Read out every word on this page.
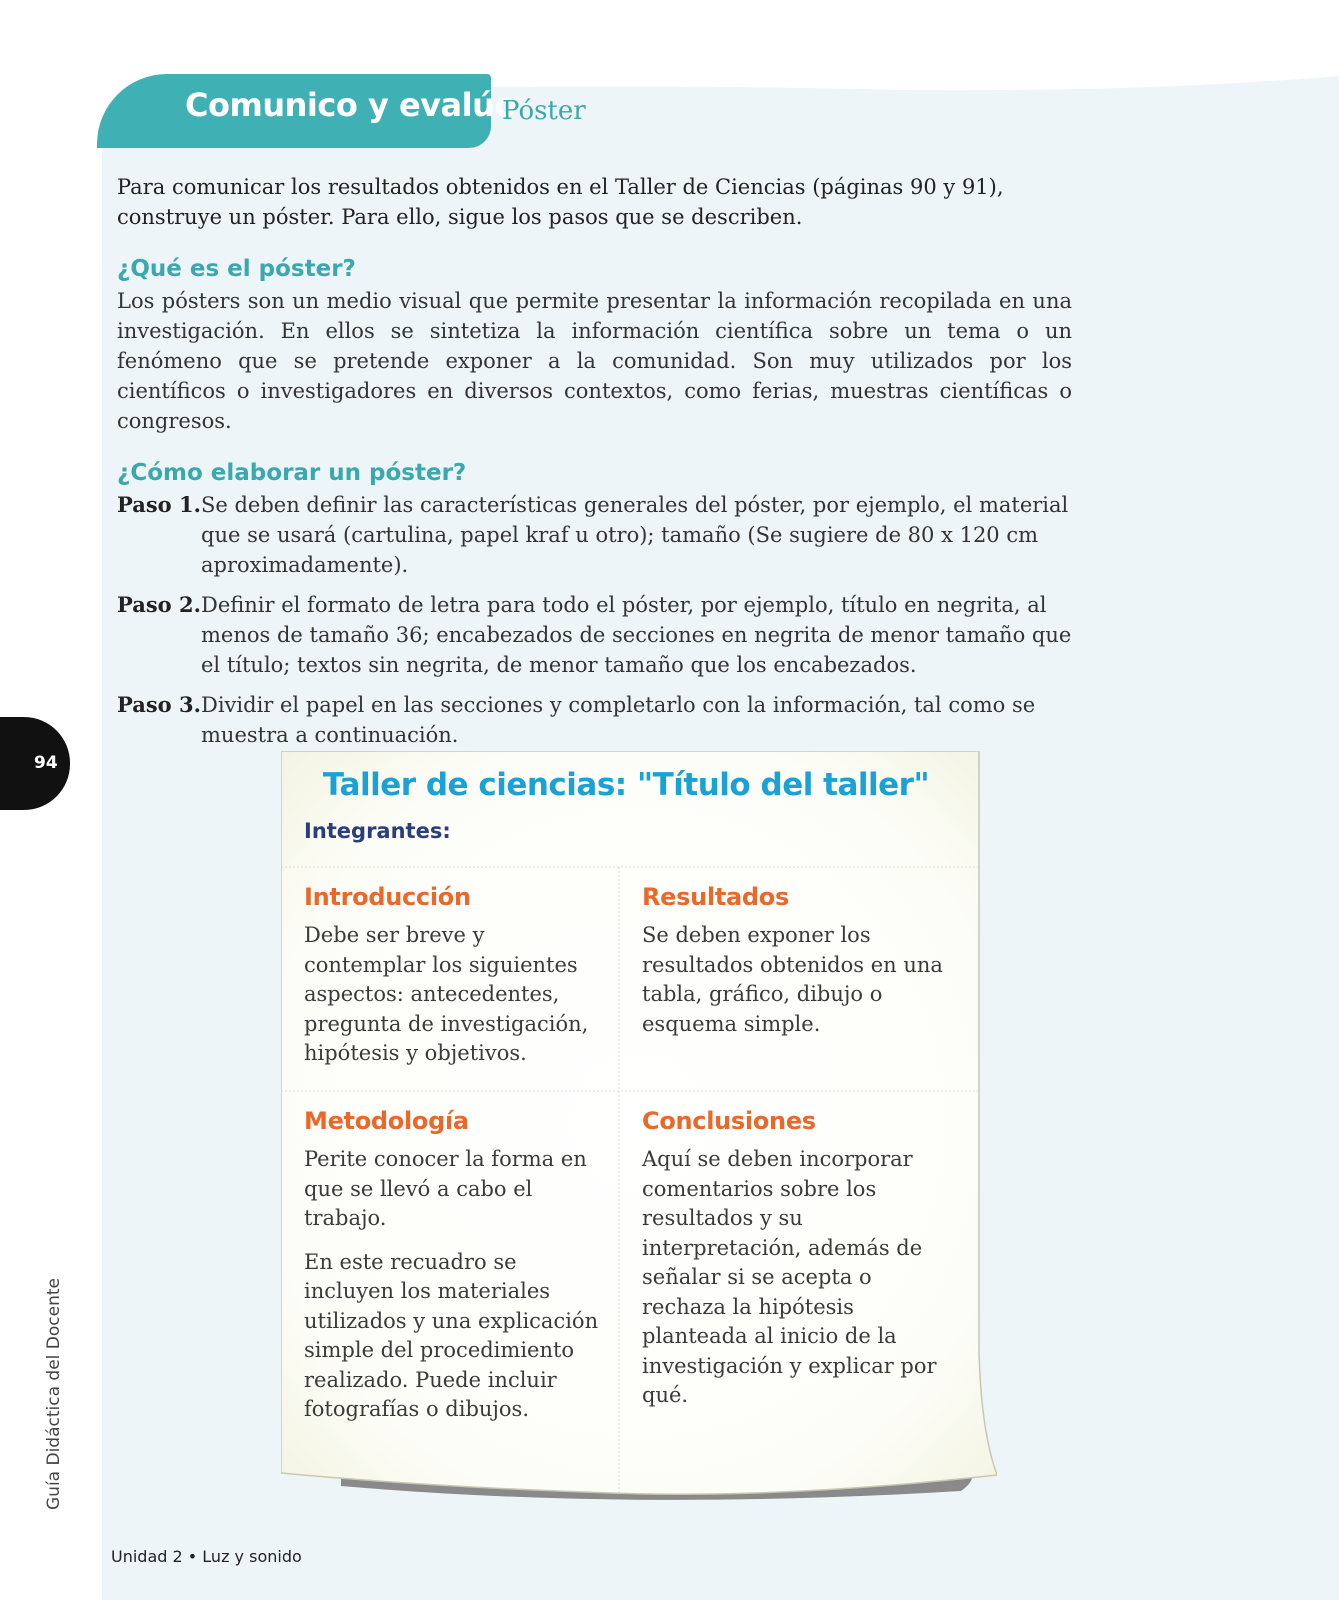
Comunico y evalúo
Póster

Para comunicar los resultados obtenidos en el Taller de Ciencias (páginas 90 y 91), construye un póster. Para ello, sigue los pasos que se describen.

¿Qué es el póster?

Los pósters son un medio visual que permite presentar la información recopilada en una investigación. En ellos se sintetiza la información científica sobre un tema o un fenómeno que se pretende exponer a la comunidad. Son muy utilizados por los científicos o investigadores en diversos contextos, como ferias, muestras científicas o congresos.

¿Cómo elaborar un póster?
Paso 1. Se deben definir las características generales del póster, por ejemplo, el material que se usará (cartulina, papel kraf u otro); tamaño (Se sugiere de 80 x 120 cm aproximadamente).
Paso 2. Definir el formato de letra para todo el póster, por ejemplo, título en negrita, al menos de tamaño 36; encabezados de secciones en negrita de menor tamaño que el título; textos sin negrita, de menor tamaño que los encabezados.
Paso 3. Dividir el papel en las secciones y completarlo con la información, tal como se muestra a continuación.
Taller de ciencias: "Título del taller"
Integrantes:
Introducción

Debe ser breve y contemplar los siguientes aspectos: antecedentes, pregunta de investigación, hipótesis y objetivos.

Resultados

Se deben exponer los resultados obtenidos en una tabla, gráfico, dibujo o esquema simple.

Metodología

Perite conocer la forma en que se llevó a cabo el trabajo.

En este recuadro se incluyen los materiales utilizados y una explicación simple del procedimiento realizado. Puede incluir fotografías o dibujos.

Conclusiones

Aquí se deben incorporar comentarios sobre los resultados y su interpretación, además de señalar si se acepta o rechaza la hipótesis planteada al inicio de la investigación y explicar por qué.

94
Guía Didáctica del Docente
Unidad 2 • Luz y sonido
